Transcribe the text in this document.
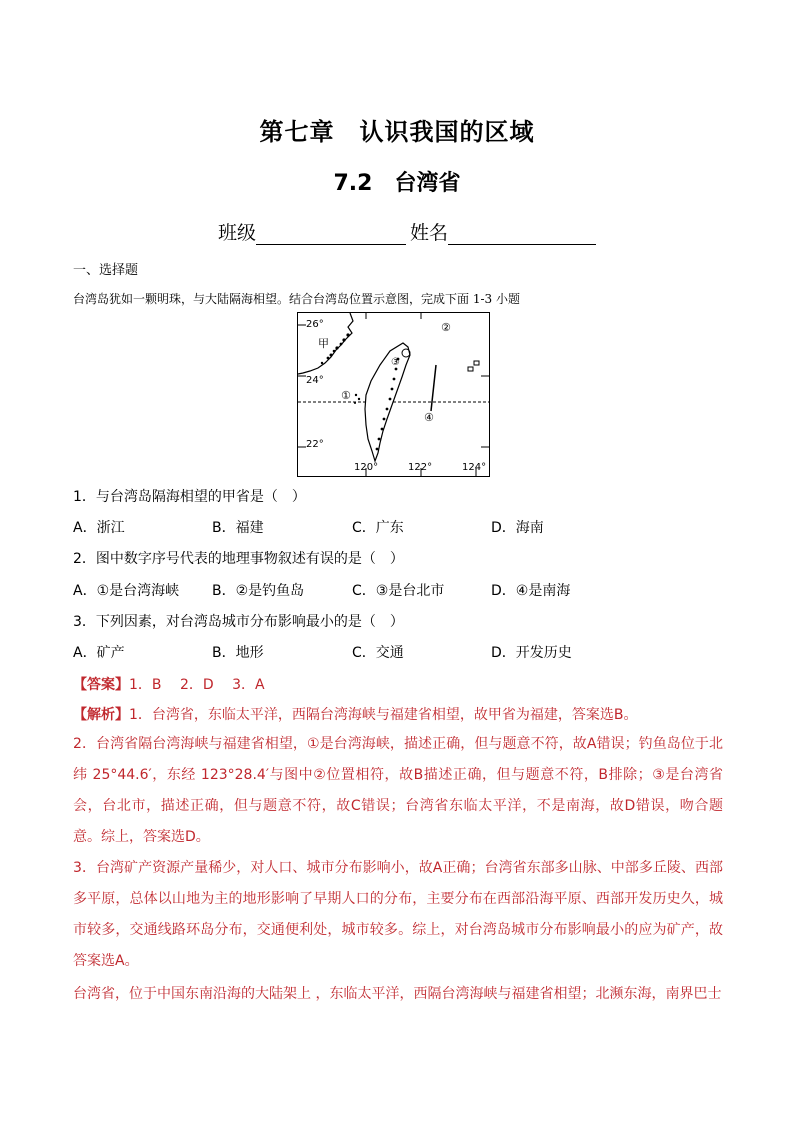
第七章　认识我国的区域
7.2　台湾省
班级	姓名
一、选择题
台湾岛犹如一颗明珠，与大陆隔海相望。结合台湾岛位置示意图，完成下面 1-3 小题
26°
24°
22°
120°	122°	124°
甲
①
②
③
④
1．与台湾岛隔海相望的甲省是（　）
A．浙江	B．福建	C．广东	D．海南
2．图中数字序号代表的地理事物叙述有误的是（　）
A．①是台湾海峡 B．②是钓鱼岛	C．③是台北市	D．④是南海
3．下列因素，对台湾岛城市分布影响最小的是（　）
A．矿产	B．地形	C．交通	D．开发历史
【答案】1．B　 2．D　 3．A
【解析】1．台湾省，东临太平洋，西隔台湾海峡与福建省相望，故甲省为福建，答案选B。
2．台湾省隔台湾海峡与福建省相望，①是台湾海峡，描述正确，但与题意不符，故A错误；钓鱼岛位于北纬 25°44.6′，东经 123°28.4′与图中②位置相符，故B描述正确，但与题意不符，B排除；③是台湾省会，台北市，描述正确，但与题意不符，故C错误；台湾省东临太平洋，不是南海，故D错误，吻合题意。综上，答案选D。
3．台湾矿产资源产量稀少，对人口、城市分布影响小，故A正确；台湾省东部多山脉、中部多丘陵、西部多平原，总体以山地为主的地形影响了早期人口的分布，主要分布在西部沿海平原、西部开发历史久，城市较多，交通线路环岛分布，交通便利处，城市较多。综上，对台湾岛城市分布影响最小的应为矿产，故答案选A。
台湾省，位于中国东南沿海的大陆架上 ，东临太平洋，西隔台湾海峡与福建省相望；北濒东海，南界巴士
